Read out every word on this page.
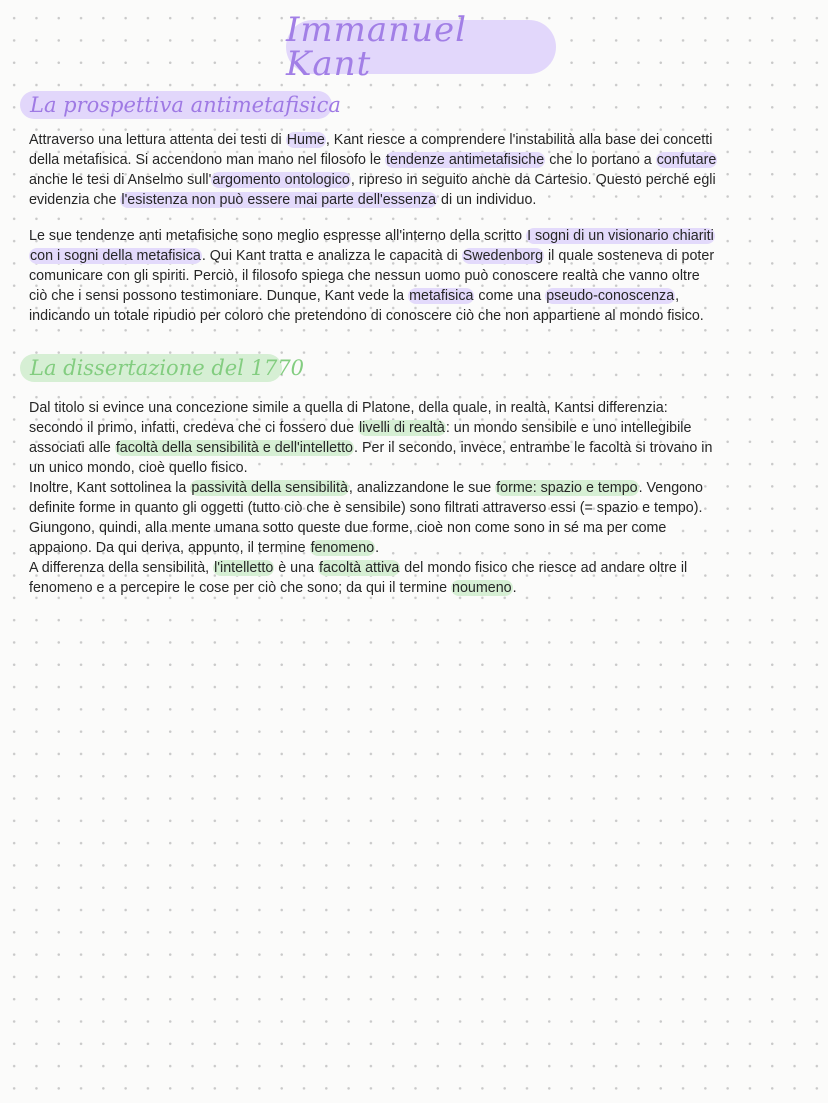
Immanuel Kant
La prospettiva antimetafisica

Attraverso una lettura attenta dei testi di Hume, Kant riesce a comprendere l'instabilità alla base dei concetti
della metafisica. Si accendono man mano nel filosofo le tendenze antimetafisiche che lo portano a confutare
anche le tesi di Anselmo sull'argomento ontologico, ripreso in seguito anche da Cartesio. Questo perché egli
evidenzia che l'esistenza non può essere mai parte dell'essenza di un individuo.

Le sue tendenze anti metafisiche sono meglio espresse all'interno della scritto I sogni di un visionario chiariti
con i sogni della metafisica. Qui Kant tratta e analizza le capacità di Swedenborg il quale sosteneva di poter
comunicare con gli spiriti. Perciò, il filosofo spiega che nessun uomo può conoscere realtà che vanno oltre
ciò che i sensi possono testimoniare. Dunque, Kant vede la metafisica come una pseudo-conoscenza,
indicando un totale ripudio per coloro che pretendono di conoscere ciò che non appartiene al mondo fisico.

La dissertazione del 1770

Dal titolo si evince una concezione simile a quella di Platone, della quale, in realtà, Kantsi differenzia:
secondo il primo, infatti, credeva che ci fossero due livelli di realtà: un mondo sensibile e uno intellegibile
associati alle facoltà della sensibilità e dell'intelletto. Per il secondo, invece, entrambe le facoltà si trovano in
un unico mondo, cioè quello fisico.
Inoltre, Kant sottolinea la passività della sensibilità, analizzandone le sue forme: spazio e tempo. Vengono
definite forme in quanto gli oggetti (tutto ciò che è sensibile) sono filtrati attraverso essi (= spazio e tempo).
Giungono, quindi, alla mente umana sotto queste due forme, cioè non come sono in sé ma per come
appaiono. Da qui deriva, appunto, il termine fenomeno.
A differenza della sensibilità, l'intelletto è una facoltà attiva del mondo fisico che riesce ad andare oltre il
fenomeno e a percepire le cose per ciò che sono; da qui il termine noumeno.
